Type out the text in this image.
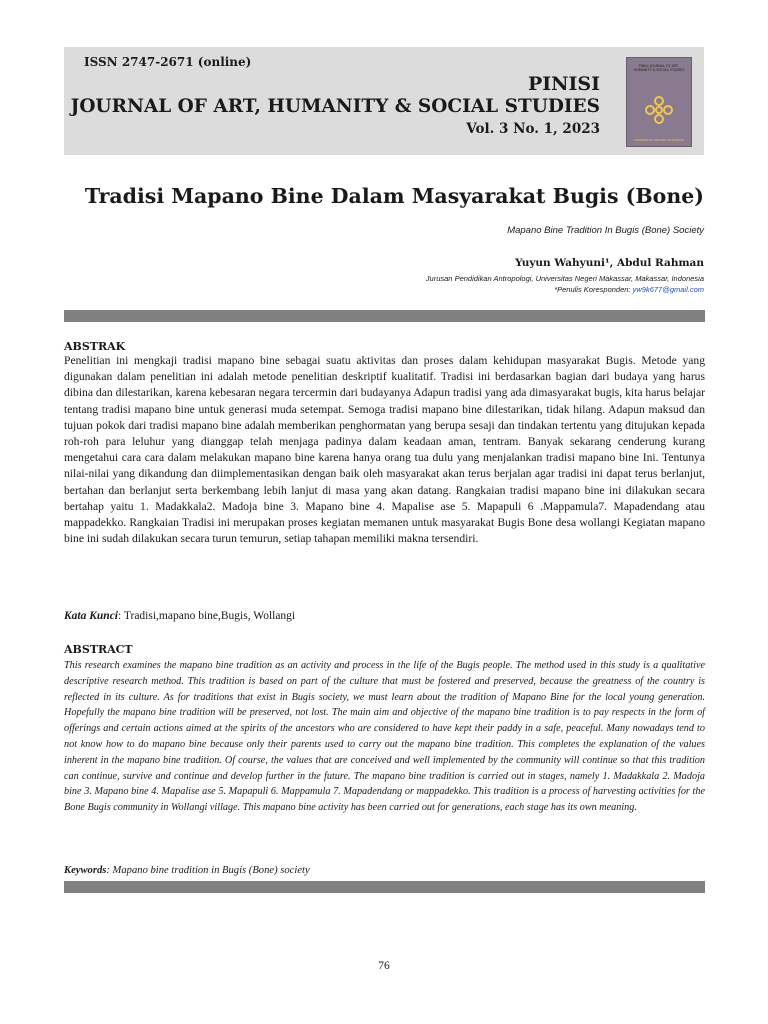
ISSN 2747-2671 (online)
PINISI
JOURNAL OF ART, HUMANITY & SOCIAL STUDIES
Vol. 3 No. 1, 2023
PINISI JOURNAL OF ART, HUMANITY & SOCIAL STUDIES
UNIVERSITAS NEGERI MAKASSAR
Tradisi Mapano Bine Dalam Masyarakat Bugis (Bone)
Mapano Bine Tradition In Bugis (Bone) Society
Yuyun Wahyuni¹, Abdul Rahman
Jurusan Pendidikan Antropologi, Universitas Negeri Makassar, Makassar, Indonesia
*Penulis Koresponden: yw9k677@gmail.com
ABSTRAK
Penelitian ini mengkaji tradisi mapano bine sebagai suatu aktivitas dan proses dalam kehidupan masyarakat Bugis. Metode yang digunakan dalam penelitian ini adalah metode penelitian deskriptif kualitatif. Tradisi ini berdasarkan bagian dari budaya yang harus dibina dan dilestarikan, karena kebesaran negara tercermin dari budayanya Adapun tradisi yang ada dimasyarakat bugis, kita harus belajar tentang tradisi mapano bine untuk generasi muda setempat. Semoga tradisi mapano bine dilestarikan, tidak hilang. Adapun maksud dan tujuan pokok dari tradisi mapano bine adalah memberikan penghormatan yang berupa sesaji dan tindakan tertentu yang ditujukan kepada roh-roh para leluhur yang dianggap telah menjaga padinya dalam keadaan aman, tentram. Banyak sekarang cenderung kurang mengetahui cara cara dalam melakukan mapano bine karena hanya orang tua dulu yang menjalankan tradisi mapano bine Ini. Tentunya nilai-nilai yang dikandung dan diimplementasikan dengan baik oleh masyarakat akan terus berjalan agar tradisi ini dapat terus berlanjut, bertahan dan berlanjut serta berkembang lebih lanjut di masa yang akan datang. Rangkaian tradisi mapano bine ini dilakukan secara bertahap yaitu 1. Madakkala2. Madoja bine 3. Mapano bine 4. Mapalise ase 5. Mapapuli 6 .Mappamula7. Mapadendang atau mappadekko. Rangkaian Tradisi ini merupakan proses kegiatan memanen untuk masyarakat Bugis Bone desa wollangi Kegiatan mapano bine ini sudah dilakukan secara turun temurun, setiap tahapan memiliki makna tersendiri.
Kata Kunci: Tradisi,mapano bine,Bugis, Wollangi
ABSTRACT
This research examines the mapano bine tradition as an activity and process in the life of the Bugis people. The method used in this study is a qualitative descriptive research method. This tradition is based on part of the culture that must be fostered and preserved, because the greatness of the country is reflected in its culture. As for traditions that exist in Bugis society, we must learn about the tradition of Mapano Bine for the local young generation. Hopefully the mapano bine tradition will be preserved, not lost. The main aim and objective of the mapano bine tradition is to pay respects in the form of offerings and certain actions aimed at the spirits of the ancestors who are considered to have kept their paddy in a safe, peaceful. Many nowadays tend to not know how to do mapano bine because only their parents used to carry out the mapano bine tradition. This completes the explanation of the values inherent in the mapano bine tradition. Of course, the values that are conceived and well implemented by the community will continue so that this tradition can continue, survive and continue and develop further in the future. The mapano bine tradition is carried out in stages, namely 1. Madakkala 2. Madoja bine 3. Mapano bine 4. Mapalise ase 5. Mapapuli 6. Mappamula 7. Mapadendang or mappadekko. This tradition is a process of harvesting activities for the Bone Bugis community in Wollangi village. This mapano bine activity has been carried out for generations, each stage has its own meaning.
Keywords: Mapano bine tradition in Bugis (Bone) society
76
